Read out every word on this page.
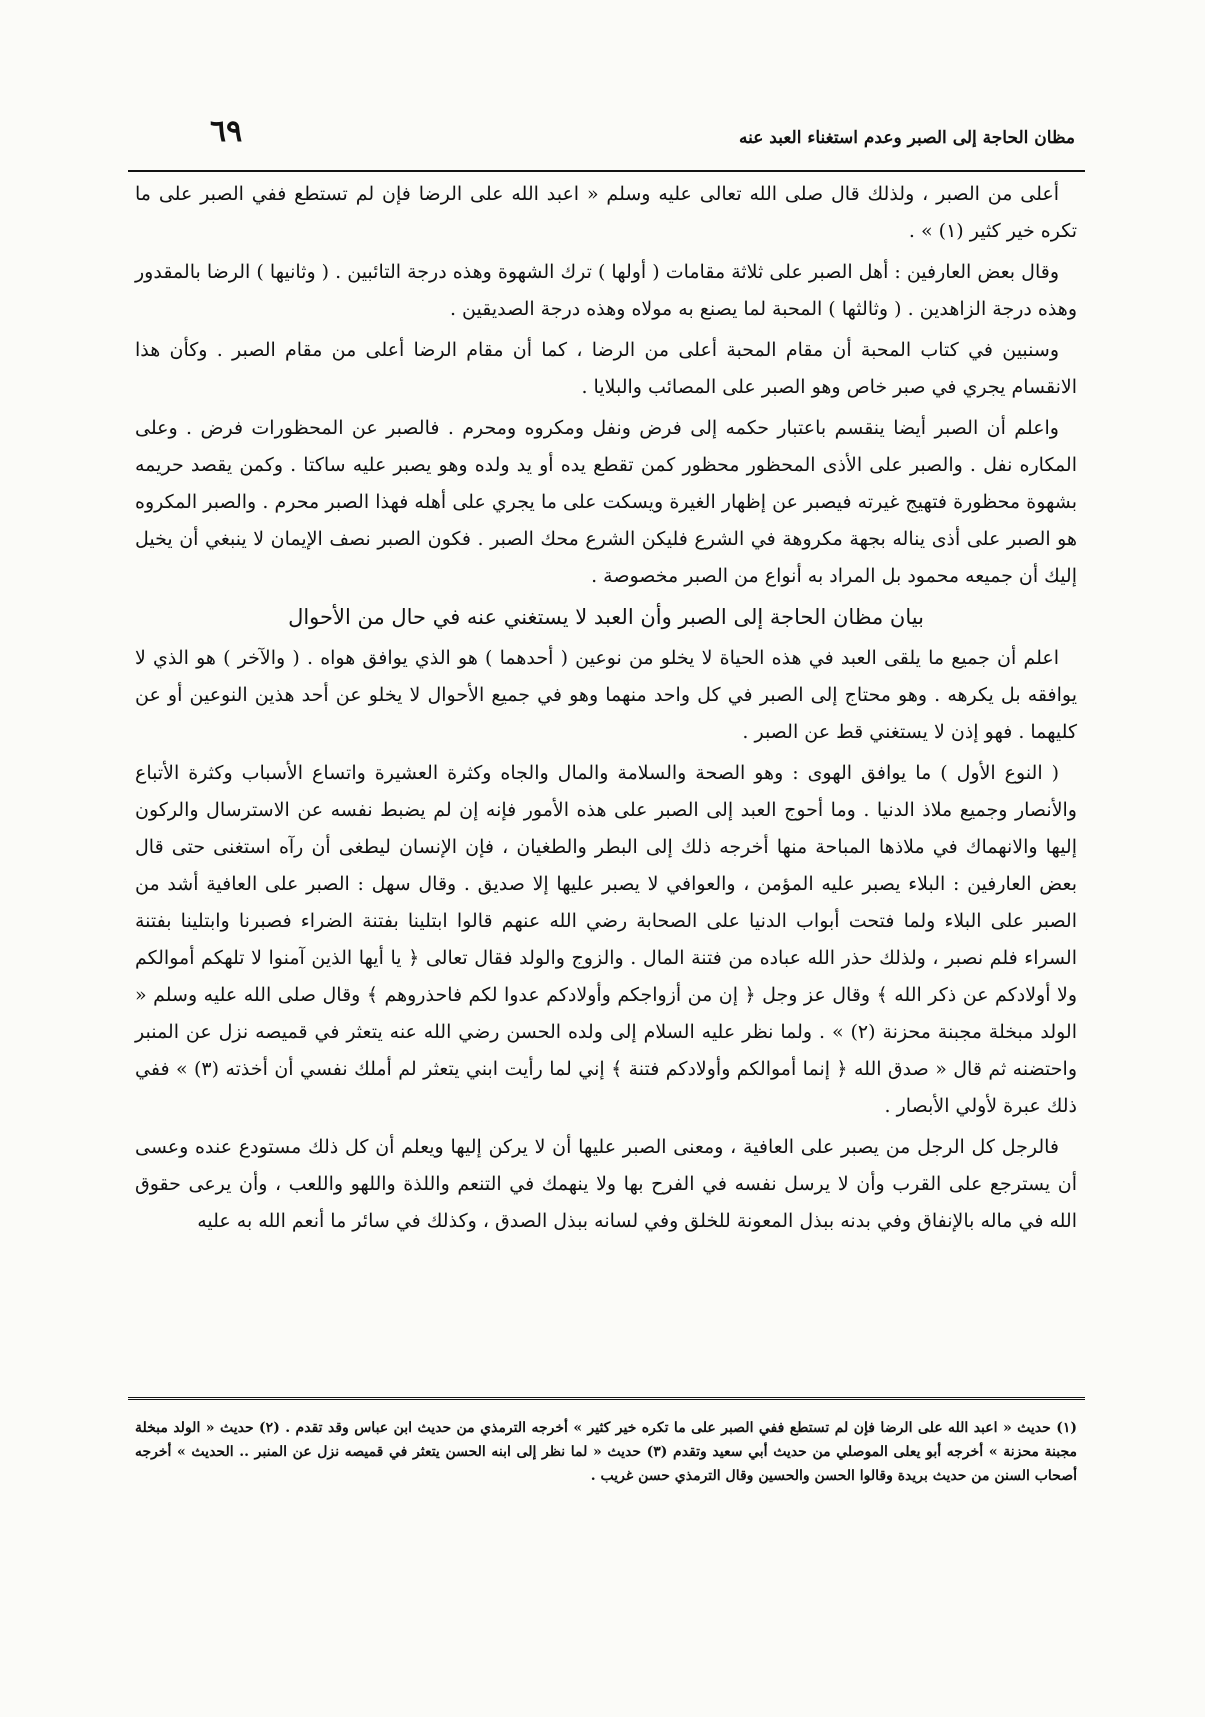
مظان الحاجة إلى الصبر وعدم استغناء العبد عنه
٦٩

أعلى من الصبر ، ولذلك قال صلى الله تعالى عليه وسلم « اعبد الله على الرضا فإن لم تستطع ففي الصبر على ما تكره خير كثير (١) » .

وقال بعض العارفين : أهل الصبر على ثلاثة مقامات ( أولها ) ترك الشهوة وهذه درجة التائبين . ( وثانيها ) الرضا بالمقدور وهذه درجة الزاهدين . ( وثالثها ) المحبة لما يصنع به مولاه وهذه درجة الصديقين .

وسنبين في كتاب المحبة أن مقام المحبة أعلى من الرضا ، كما أن مقام الرضا أعلى من مقام الصبر . وكأن هذا الانقسام يجري في صبر خاص وهو الصبر على المصائب والبلايا .

واعلم أن الصبر أيضا ينقسم باعتبار حكمه إلى فرض ونفل ومكروه ومحرم . فالصبر عن المحظورات فرض . وعلى المكاره نفل . والصبر على الأذى المحظور محظور كمن تقطع يده أو يد ولده وهو يصبر عليه ساكتا . وكمن يقصد حريمه بشهوة محظورة فتهيج غيرته فيصبر عن إظهار الغيرة ويسكت على ما يجري على أهله فهذا الصبر محرم . والصبر المكروه هو الصبر على أذى يناله بجهة مكروهة في الشرع فليكن الشرع محك الصبر . فكون الصبر نصف الإيمان لا ينبغي أن يخيل إليك أن جميعه محمود بل المراد به أنواع من الصبر مخصوصة .

بيان مظان الحاجة إلى الصبر وأن العبد لا يستغني عنه في حال من الأحوال

اعلم أن جميع ما يلقى العبد في هذه الحياة لا يخلو من نوعين ( أحدهما ) هو الذي يوافق هواه . ( والآخر ) هو الذي لا يوافقه بل يكرهه . وهو محتاج إلى الصبر في كل واحد منهما وهو في جميع الأحوال لا يخلو عن أحد هذين النوعين أو عن كليهما . فهو إذن لا يستغني قط عن الصبر .

( النوع الأول ) ما يوافق الهوى : وهو الصحة والسلامة والمال والجاه وكثرة العشيرة واتساع الأسباب وكثرة الأتباع والأنصار وجميع ملاذ الدنيا . وما أحوج العبد إلى الصبر على هذه الأمور فإنه إن لم يضبط نفسه عن الاسترسال والركون إليها والانهماك في ملاذها المباحة منها أخرجه ذلك إلى البطر والطغيان ، فإن الإنسان ليطغى أن رآه استغنى حتى قال بعض العارفين : البلاء يصبر عليه المؤمن ، والعوافي لا يصبر عليها إلا صديق . وقال سهل : الصبر على العافية أشد من الصبر على البلاء ولما فتحت أبواب الدنيا على الصحابة رضي الله عنهم قالوا ابتلينا بفتنة الضراء فصبرنا وابتلينا بفتنة السراء فلم نصبر ، ولذلك حذر الله عباده من فتنة المال . والزوج والولد فقال تعالى ﴿ يا أيها الذين آمنوا لا تلهكم أموالكم ولا أولادكم عن ذكر الله ﴾ وقال عز وجل ﴿ إن من أزواجكم وأولادكم عدوا لكم فاحذروهم ﴾ وقال صلى الله عليه وسلم « الولد مبخلة مجبنة محزنة (٢) » . ولما نظر عليه السلام إلى ولده الحسن رضي الله عنه يتعثر في قميصه نزل عن المنبر واحتضنه ثم قال « صدق الله ﴿ إنما أموالكم وأولادكم فتنة ﴾ إني لما رأيت ابني يتعثر لم أملك نفسي أن أخذته (٣) » ففي ذلك عبرة لأولي الأبصار .

فالرجل كل الرجل من يصبر على العافية ، ومعنى الصبر عليها أن لا يركن إليها ويعلم أن كل ذلك مستودع عنده وعسى أن يسترجع على القرب وأن لا يرسل نفسه في الفرح بها ولا ينهمك في التنعم واللذة واللهو واللعب ، وأن يرعى حقوق الله في ماله بالإنفاق وفي بدنه ببذل المعونة للخلق وفي لسانه ببذل الصدق ، وكذلك في سائر ما أنعم الله به عليه

(١) حديث « اعبد الله على الرضا فإن لم تستطع ففي الصبر على ما تكره خير كثير » أخرجه الترمذي من حديث ابن عباس وقد تقدم . (٢) حديث « الولد مبخلة مجبنة محزنة » أخرجه أبو يعلى الموصلي من حديث أبي سعيد وتقدم (٣) حديث « لما نظر إلى ابنه الحسن يتعثر في قميصه نزل عن المنبر .. الحديث » أخرجه أصحاب السنن من حديث بريدة وقالوا الحسن والحسين وقال الترمذي حسن غريب .
